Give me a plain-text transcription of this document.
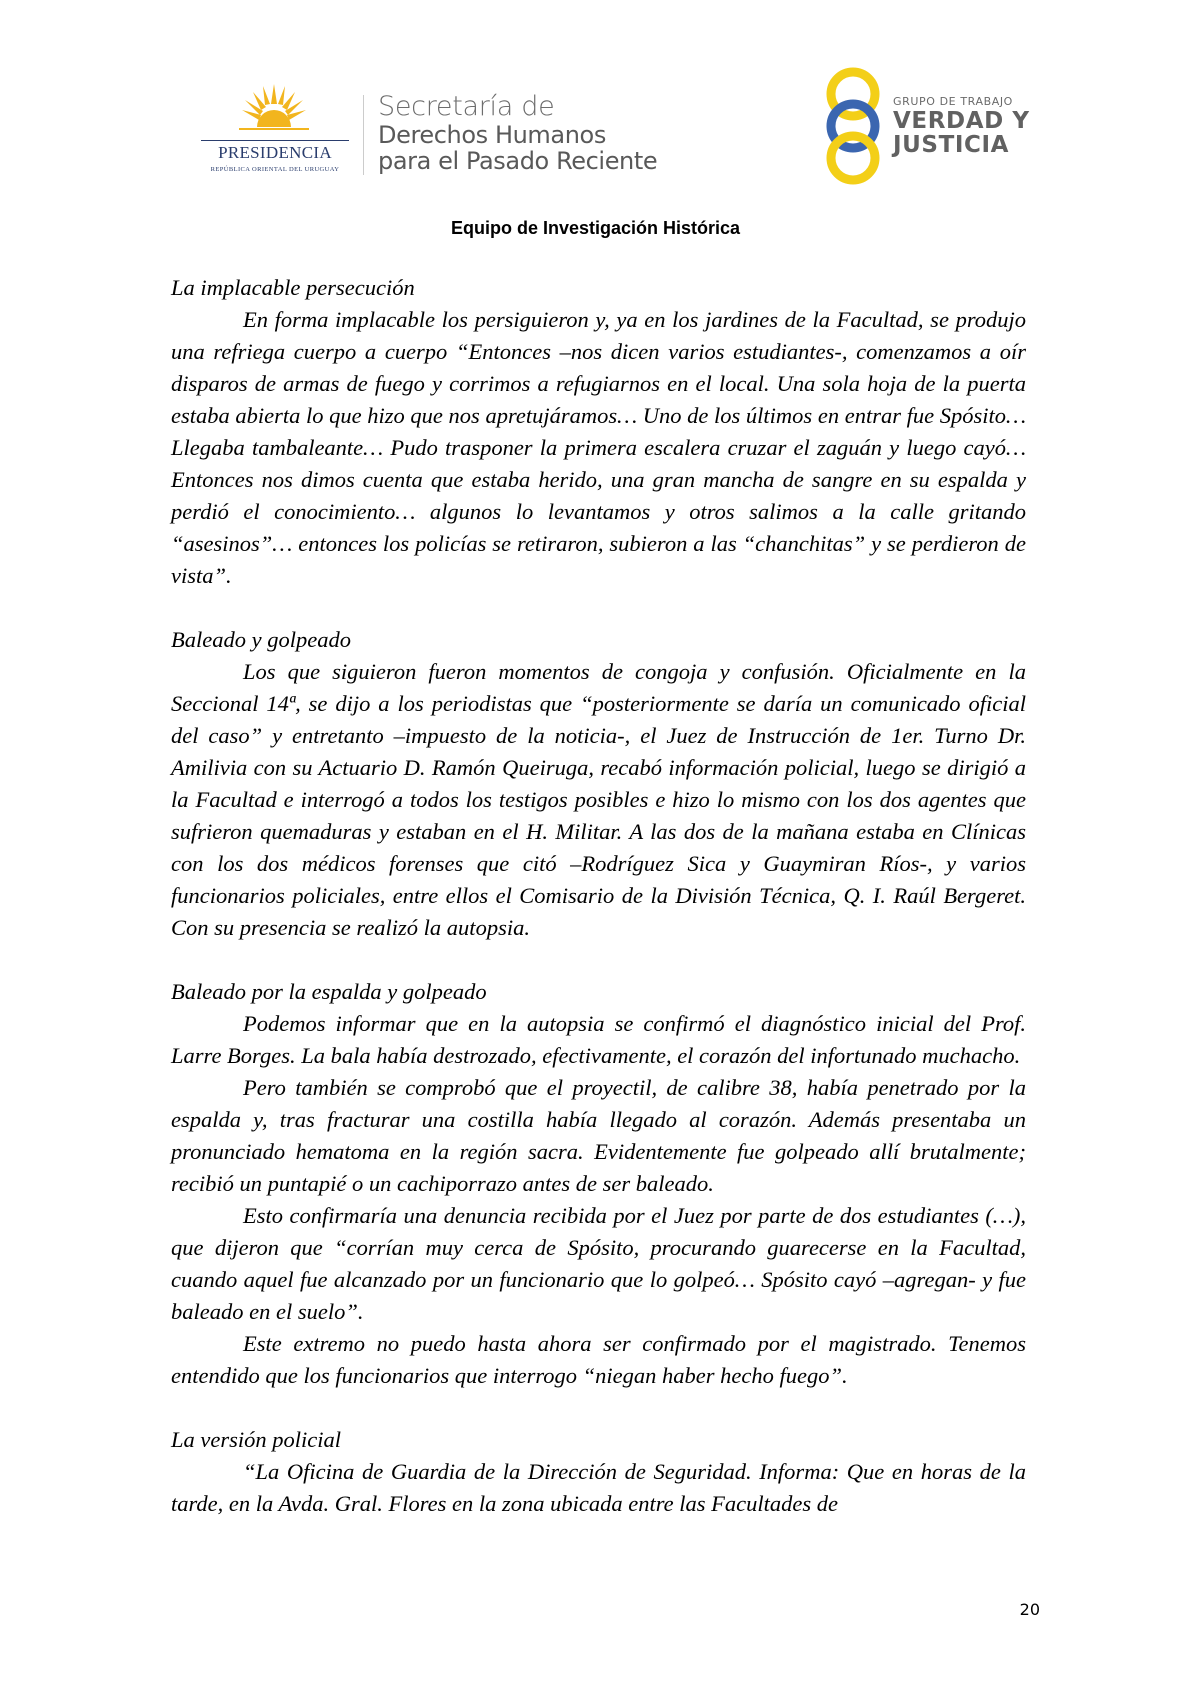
PRESIDENCIA
REPÚBLICA ORIENTAL DEL URUGUAY
Secretaría de
Derechos Humanos
para el Pasado Reciente
GRUPO DE TRABAJO
VERDAD Y
JUSTICIA
Equipo de Investigación Histórica

La implacable persecución

En forma implacable los persiguieron y, ya en los jardines de la Facultad, se produjo una refriega cuerpo a cuerpo “Entonces –nos dicen varios estudiantes-, comenzamos a oír disparos de armas de fuego y corrimos a refugiarnos en el local. Una sola hoja de la puerta estaba abierta lo que hizo que nos apretujáramos… Uno de los últimos en entrar fue Spósito… Llegaba tambaleante… Pudo trasponer la primera escalera cruzar el zaguán y luego cayó… Entonces nos dimos cuenta que estaba herido, una gran mancha de sangre en su espalda y perdió el conocimiento… algunos lo levantamos y otros salimos a la calle gritando “asesinos”… entonces los policías se retiraron, subieron a las “chanchitas” y se perdieron de vista”.

Baleado y golpeado

Los que siguieron fueron momentos de congoja y confusión. Oficialmente en la Seccional 14ª, se dijo a los periodistas que “posteriormente se daría un comunicado oficial del caso” y entretanto –impuesto de la noticia-, el Juez de Instrucción de 1er. Turno Dr. Amilivia con su Actuario D. Ramón Queiruga, recabó información policial, luego se dirigió a la Facultad e interrogó a todos los testigos posibles e hizo lo mismo con los dos agentes que sufrieron quemaduras y estaban en el H. Militar. A las dos de la mañana estaba en Clínicas con los dos médicos forenses que citó –Rodríguez Sica y Guaymiran Ríos-, y varios funcionarios policiales, entre ellos el Comisario de la División Técnica, Q. I. Raúl Bergeret. Con su presencia se realizó la autopsia.

Baleado por la espalda y golpeado

Podemos informar que en la autopsia se confirmó el diagnóstico inicial del Prof. Larre Borges. La bala había destrozado, efectivamente, el corazón del infortunado muchacho.

Pero también se comprobó que el proyectil, de calibre 38, había penetrado por la espalda y, tras fracturar una costilla había llegado al corazón. Además presentaba un pronunciado hematoma en la región sacra. Evidentemente fue golpeado allí brutalmente; recibió un puntapié o un cachiporrazo antes de ser baleado.

Esto confirmaría una denuncia recibida por el Juez por parte de dos estudiantes (…), que dijeron que “corrían muy cerca de Spósito, procurando guarecerse en la Facultad, cuando aquel fue alcanzado por un funcionario que lo golpeó… Spósito cayó –agregan- y fue baleado en el suelo”.

Este extremo no puedo hasta ahora ser confirmado por el magistrado. Tenemos entendido que los funcionarios que interrogo “niegan haber hecho fuego”.

La versión policial

“La Oficina de Guardia de la Dirección de Seguridad. Informa: Que en horas de la tarde, en la Avda. Gral. Flores en la zona ubicada entre las Facultades de

20
